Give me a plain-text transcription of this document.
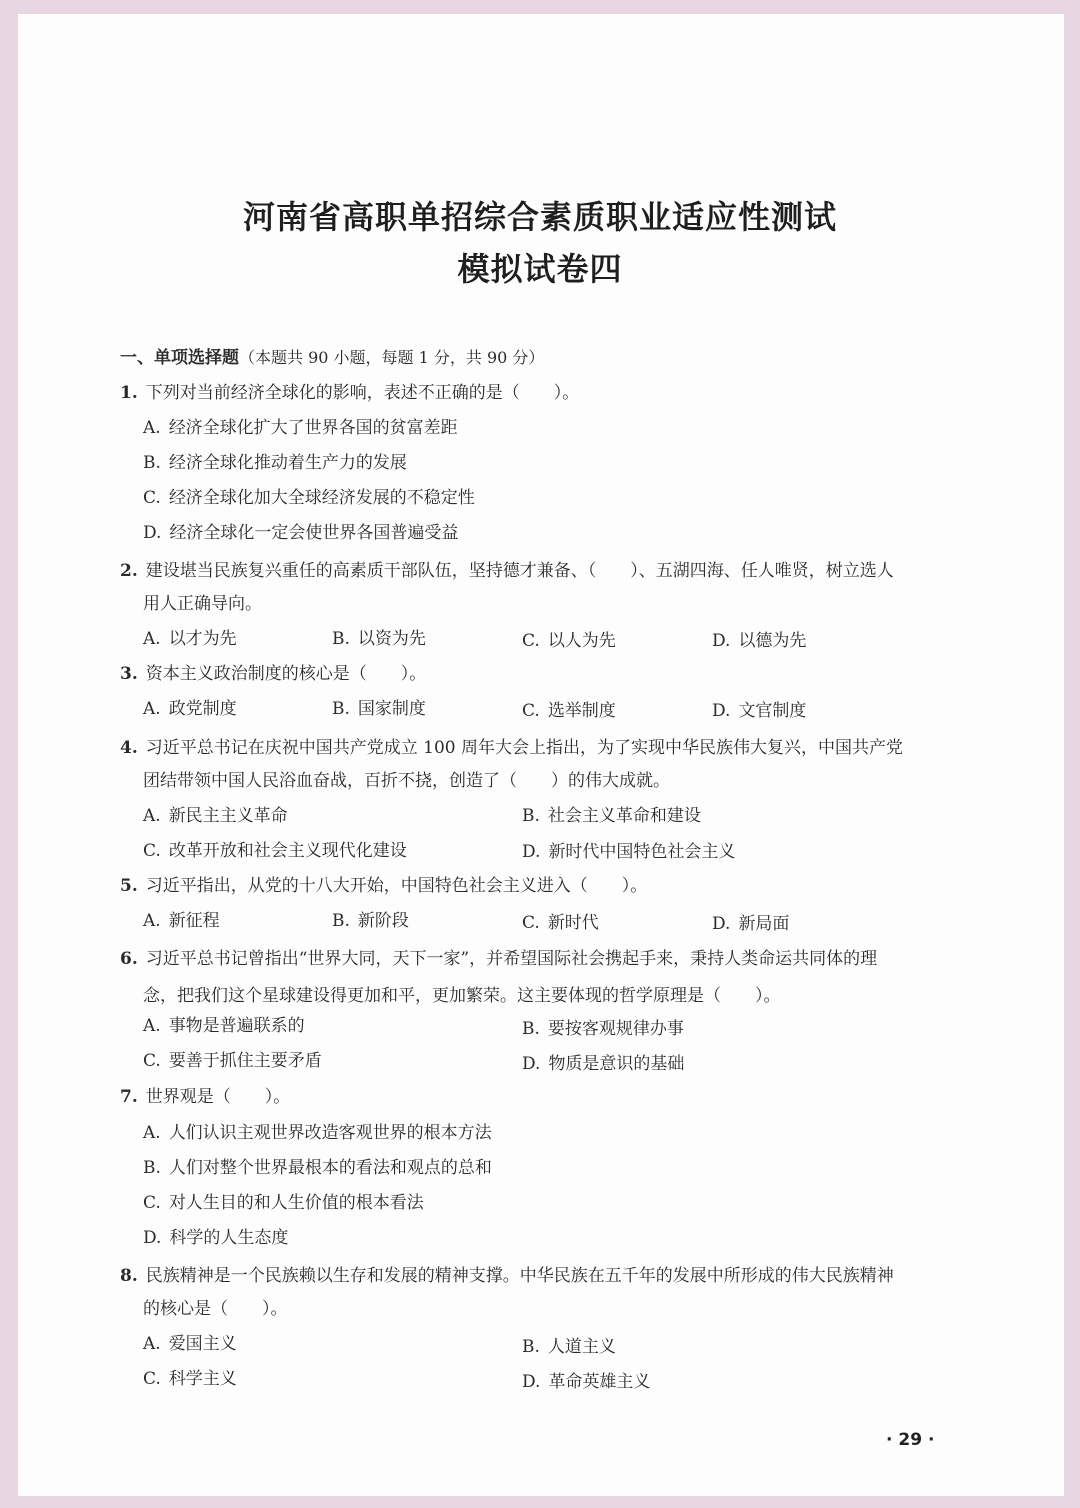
河南省高职单招综合素质职业适应性测试
模拟试卷四
一、单项选择题（本题共 90 小题，每题 1 分，共 90 分）
1. 下列对当前经济全球化的影响，表述不正确的是（　　）。
A. 经济全球化扩大了世界各国的贫富差距
B. 经济全球化推动着生产力的发展
C. 经济全球化加大全球经济发展的不稳定性
D. 经济全球化一定会使世界各国普遍受益
2. 建设堪当民族复兴重任的高素质干部队伍，坚持德才兼备、（　　）、五湖四海、任人唯贤，树立选人
用人正确导向。
A. 以才为先	B. 以资为先	C. 以人为先	D. 以德为先
3. 资本主义政治制度的核心是（　　）。
A. 政党制度	B. 国家制度	C. 选举制度	D. 文官制度
4. 习近平总书记在庆祝中国共产党成立 100 周年大会上指出，为了实现中华民族伟大复兴，中国共产党
团结带领中国人民浴血奋战，百折不挠，创造了（　　）的伟大成就。
A. 新民主主义革命	B. 社会主义革命和建设
C. 改革开放和社会主义现代化建设	D. 新时代中国特色社会主义
5. 习近平指出，从党的十八大开始，中国特色社会主义进入（　　）。
A. 新征程	B. 新阶段	C. 新时代	D. 新局面
6. 习近平总书记曾指出“世界大同，天下一家”，并希望国际社会携起手来，秉持人类命运共同体的理
念，把我们这个星球建设得更加和平，更加繁荣。这主要体现的哲学原理是（　　）。
A. 事物是普遍联系的	B. 要按客观规律办事
C. 要善于抓住主要矛盾	D. 物质是意识的基础
7. 世界观是（　　）。
A. 人们认识主观世界改造客观世界的根本方法
B. 人们对整个世界最根本的看法和观点的总和
C. 对人生目的和人生价值的根本看法
D. 科学的人生态度
8. 民族精神是一个民族赖以生存和发展的精神支撑。中华民族在五千年的发展中所形成的伟大民族精神
的核心是（　　）。
A. 爱国主义	B. 人道主义
C. 科学主义	D. 革命英雄主义
· 29 ·
